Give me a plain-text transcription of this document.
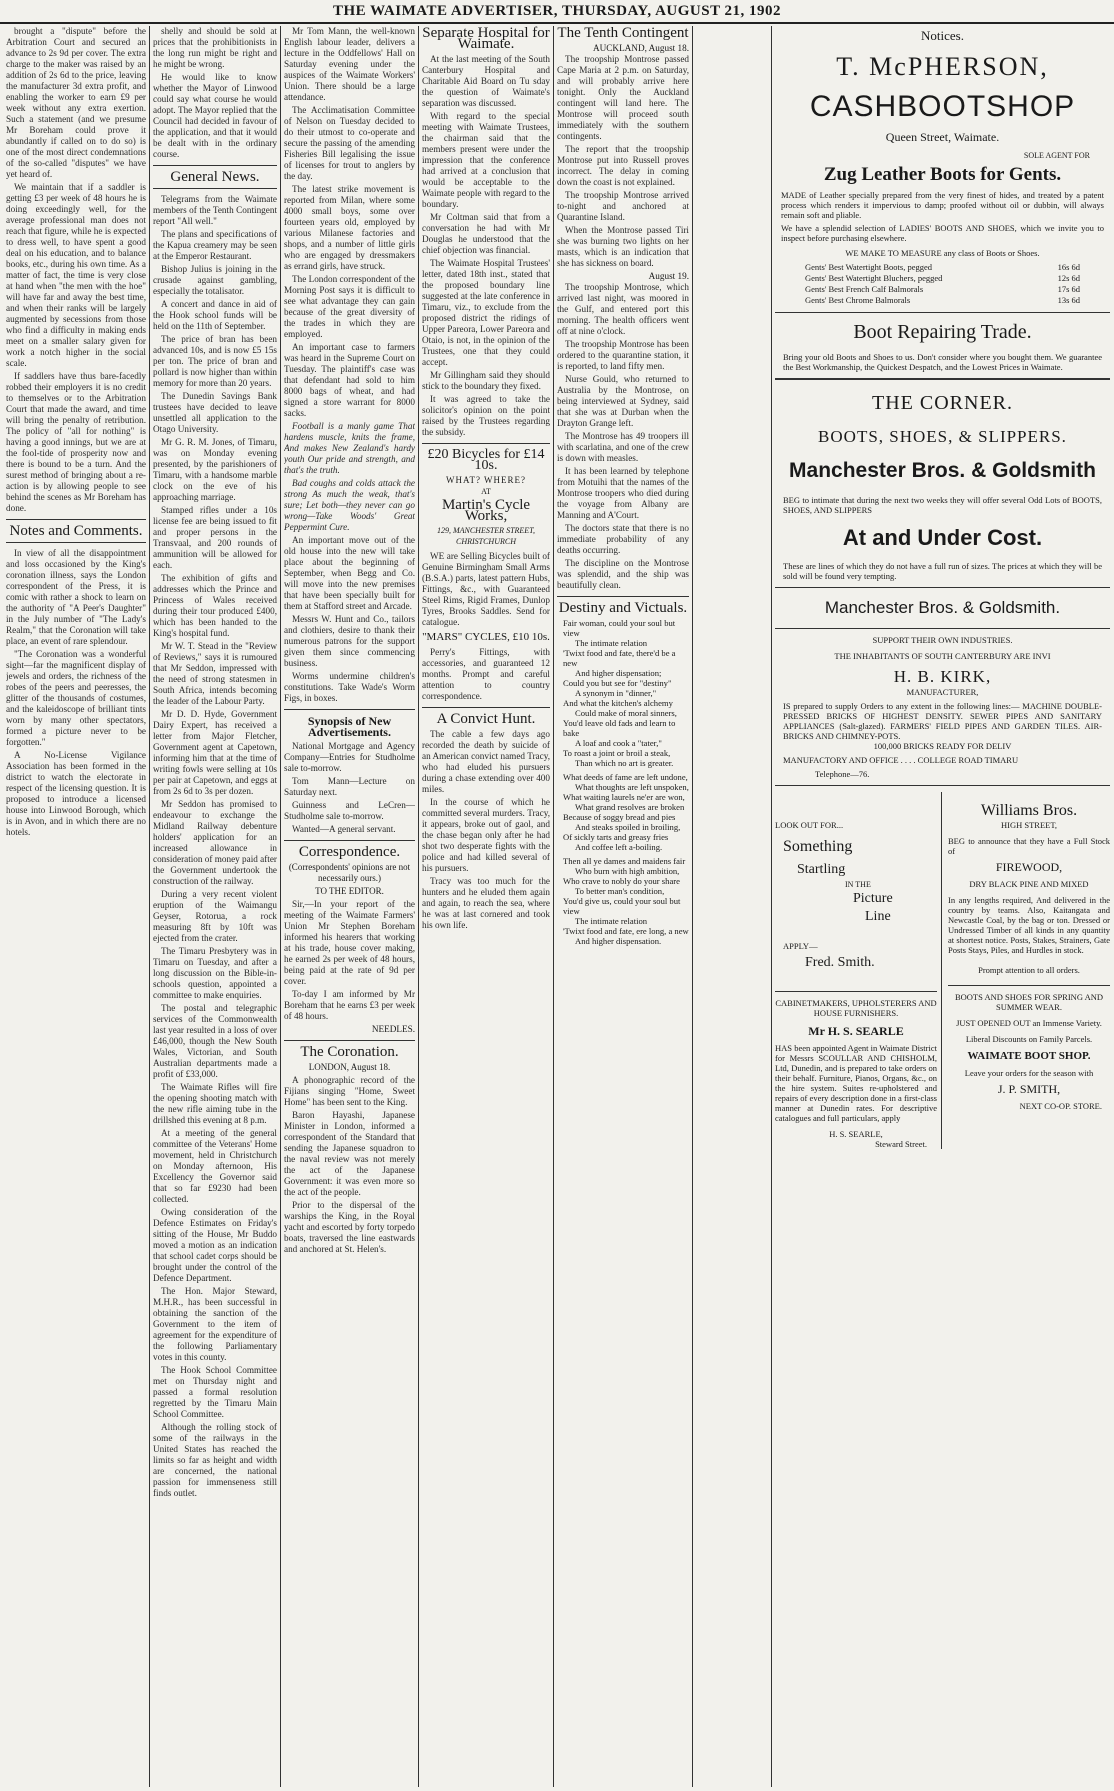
THE WAIMATE ADVERTISER, THURSDAY, AUGUST 21, 1902

brought a "dispute" before the Arbitration Court and secured an advance to 2s 9d per cover. The extra charge to the maker was raised by an addition of 2s 6d to the price, leaving the manufacturer 3d extra profit, and enabling the worker to earn £9 per week without any extra exertion. Such a statement (and we presume Mr Boreham could prove it abundantly if called on to do so) is one of the most direct condemnations of the so-called "disputes" we have yet heard of.

We maintain that if a saddler is getting £3 per week of 48 hours he is doing exceedingly well, for the average professional man does not reach that figure, while he is expected to dress well, to have spent a good deal on his education, and to balance books, etc., during his own time. As a matter of fact, the time is very close at hand when "the men with the hoe" will have far and away the best time, and when their ranks will be largely augmented by secessions from those who find a difficulty in making ends meet on a smaller salary given for work a notch higher in the social scale.

If saddlers have thus bare-facedly robbed their employers it is no credit to themselves or to the Arbitration Court that made the award, and time will bring the penalty of retribution. The policy of "all for nothing" is having a good innings, but we are at the fool-tide of prosperity now and there is bound to be a turn. And the surest method of bringing about a re-action is by allowing people to see behind the scenes as Mr Boreham has done.

Notes and Comments.

In view of all the disappointment and loss occasioned by the King's coronation illness, says the London correspondent of the Press, it is comic with rather a shock to learn on the authority of "A Peer's Daughter" in the July number of "The Lady's Realm," that the Coronation will take place, an event of rare splendour.

"The Coronation was a wonderful sight—far the magnificent display of jewels and orders, the richness of the robes of the peers and peeresses, the glitter of the thousands of costumes, and the kaleidoscope of brilliant tints worn by many other spectators, formed a picture never to be forgotten."

A No-License Vigilance Association has been formed in the district to watch the electorate in respect of the licensing question. It is proposed to introduce a licensed house into Linwood Borough, which is in Avon, and in which there are no hotels.

shelly and should be sold at prices that the prohibitionists in the long run might be right and he might be wrong.

He would like to know whether the Mayor of Linwood could say what course he would adopt. The Mayor replied that the Council had decided in favour of the application, and that it would be dealt with in the ordinary course.

General News.

Telegrams from the Waimate members of the Tenth Contingent report "All well."

The plans and specifications of the Kapua creamery may be seen at the Emperor Restaurant.

Bishop Julius is joining in the crusade against gambling, especially the totalisator.

A concert and dance in aid of the Hook school funds will be held on the 11th of September.

The price of bran has been advanced 10s, and is now £5 15s per ton. The price of bran and pollard is now higher than within memory for more than 20 years.

The Dunedin Savings Bank trustees have decided to leave unsettled all application to the Otago University.

Mr G. R. M. Jones, of Timaru, was on Monday evening presented, by the parishioners of Timaru, with a handsome marble clock on the eve of his approaching marriage.

Stamped rifles under a 10s license fee are being issued to fit and proper persons in the Transvaal, and 200 rounds of ammunition will be allowed for each.

The exhibition of gifts and addresses which the Prince and Princess of Wales received during their tour produced £400, which has been handed to the King's hospital fund.

Mr W. T. Stead in the "Review of Reviews," says it is rumoured that Mr Seddon, impressed with the need of strong statesmen in South Africa, intends becoming the leader of the Labour Party.

Mr D. D. Hyde, Government Dairy Expert, has received a letter from Major Fletcher, Government agent at Capetown, informing him that at the time of writing fowls were selling at 10s per pair at Capetown, and eggs at from 2s 6d to 3s per dozen.

Mr Seddon has promised to endeavour to exchange the Midland Railway debenture holders' application for an increased allowance in consideration of money paid after the Government undertook the construction of the railway.

During a very recent violent eruption of the Waimangu Geyser, Rotorua, a rock measuring 8ft by 10ft was ejected from the crater.

The Timaru Presbytery was in Timaru on Tuesday, and after a long discussion on the Bible-in-schools question, appointed a committee to make enquiries.

The postal and telegraphic services of the Commonwealth last year resulted in a loss of over £46,000, though the New South Wales, Victorian, and South Australian departments made a profit of £33,000.

The Waimate Rifles will fire the opening shooting match with the new rifle aiming tube in the drillshed this evening at 8 p.m.

At a meeting of the general committee of the Veterans' Home movement, held in Christchurch on Monday afternoon, His Excellency the Governor said that so far £9230 had been collected.

Owing consideration of the Defence Estimates on Friday's sitting of the House, Mr Buddo moved a motion as an indication that school cadet corps should be brought under the control of the Defence Department.

The Hon. Major Steward, M.H.R., has been successful in obtaining the sanction of the Government to the item of agreement for the expenditure of the following Parliamentary votes in this county.

The Hook School Committee met on Thursday night and passed a formal resolution regretted by the Timaru Main School Committee.

Although the rolling stock of some of the railways in the United States has reached the limits so far as height and width are concerned, the national passion for immenseness still finds outlet.

Mr Tom Mann, the well-known English labour leader, delivers a lecture in the Oddfellows' Hall on Saturday evening under the auspices of the Waimate Workers' Union. There should be a large attendance.

The Acclimatisation Committee of Nelson on Tuesday decided to do their utmost to co-operate and secure the passing of the amending Fisheries Bill legalising the issue of licenses for trout to anglers by the day.

The latest strike movement is reported from Milan, where some 4000 small boys, some over fourteen years old, employed by various Milanese factories and shops, and a number of little girls who are engaged by dressmakers as errand girls, have struck.

The London correspondent of the Morning Post says it is difficult to see what advantage they can gain because of the great diversity of the trades in which they are employed.

An important case to farmers was heard in the Supreme Court on Tuesday. The plaintiff's case was that defendant had sold to him 8000 bags of wheat, and had signed a store warrant for 8000 sacks.

Football is a manly game That hardens muscle, knits the frame, And makes New Zealand's hardy youth Our pride and strength, and that's the truth.

Bad coughs and colds attack the strong As much the weak, that's sure; Let both—they never can go wrong—Take Woods' Great Peppermint Cure.

An important move out of the old house into the new will take place about the beginning of September, when Begg and Co. will move into the new premises that have been specially built for them at Stafford street and Arcade.

Messrs W. Hunt and Co., tailors and clothiers, desire to thank their numerous patrons for the support given them since commencing business.

Worms undermine children's constitutions. Take Wade's Worm Figs, in boxes.

Synopsis of New Advertisements.

National Mortgage and Agency Company—Entries for Studholme sale to-morrow.

Tom Mann—Lecture on Saturday next.

Guinness and LeCren—Studholme sale to-morrow.

Wanted—A general servant.

Correspondence.
(Correspondents' opinions are not necessarily ours.)
TO THE EDITOR.

Sir,—In your report of the meeting of the Waimate Farmers' Union Mr Stephen Boreham informed his hearers that working at his trade, house cover making, he earned 2s per week of 48 hours, being paid at the rate of 9d per cover.

To-day I am informed by Mr Boreham that he earns £3 per week of 48 hours.

NEEDLES.
The Coronation.
LONDON, August 18.

A phonographic record of the Fijians singing "Home, Sweet Home" has been sent to the King.

Baron Hayashi, Japanese Minister in London, informed a correspondent of the Standard that sending the Japanese squadron to the naval review was not merely the act of the Japanese Government: it was even more so the act of the people.

Prior to the dispersal of the warships the King, in the Royal yacht and escorted by forty torpedo boats, traversed the line eastwards and anchored at St. Helen's.

Separate Hospital for Waimate.

At the last meeting of the South Canterbury Hospital and Charitable Aid Board on Tu sday the question of Waimate's separation was discussed.

With regard to the special meeting with Waimate Trustees, the chairman said that the members present were under the impression that the conference had arrived at a conclusion that would be acceptable to the Waimate people with regard to the boundary.

Mr Coltman said that from a conversation he had with Mr Douglas he understood that the chief objection was financial.

The Waimate Hospital Trustees' letter, dated 18th inst., stated that the proposed boundary line suggested at the late conference in Timaru, viz., to exclude from the proposed district the ridings of Upper Pareora, Lower Pareora and Otaio, is not, in the opinion of the Trustees, one that they could accept.

Mr Gillingham said they should stick to the boundary they fixed.

It was agreed to take the solicitor's opinion on the point raised by the Trustees regarding the subsidy.

£20 Bicycles for £14 10s.
WHAT? WHERE?
AT
Martin's Cycle Works,
129, MANCHESTER STREET, CHRISTCHURCH

WE are Selling Bicycles built of Genuine Birmingham Small Arms (B.S.A.) parts, latest pattern Hubs, Fittings, &c., with Guaranteed Steel Rims, Rigid Frames, Dunlop Tyres, Brooks Saddles. Send for catalogue.

"MARS" CYCLES, £10 10s.

Perry's Fittings, with accessories, and guaranteed 12 months. Prompt and careful attention to country correspondence.

A Convict Hunt.

The cable a few days ago recorded the death by suicide of an American convict named Tracy, who had eluded his pursuers during a chase extending over 400 miles.

In the course of which he committed several murders. Tracy, it appears, broke out of gaol, and the chase began only after he had shot two desperate fights with the police and had killed several of his pursuers.

Tracy was too much for the hunters and he eluded them again and again, to reach the sea, where he was at last cornered and took his own life.

The Tenth Contingent
AUCKLAND, August 18.

The troopship Montrose passed Cape Maria at 2 p.m. on Saturday, and will probably arrive here tonight. Only the Auckland contingent will land here. The Montrose will proceed south immediately with the southern contingents.

The report that the troopship Montrose put into Russell proves incorrect. The delay in coming down the coast is not explained.

The troopship Montrose arrived to-night and anchored at Quarantine Island.

When the Montrose passed Tiri she was burning two lights on her masts, which is an indication that she has sickness on board.

August 19.

The troopship Montrose, which arrived last night, was moored in the Gulf, and entered port this morning. The health officers went off at nine o'clock.

The troopship Montrose has been ordered to the quarantine station, it is reported, to land fifty men.

Nurse Gould, who returned to Australia by the Montrose, on being interviewed at Sydney, said that she was at Durban when the Drayton Grange left.

The Montrose has 49 troopers ill with scarlatina, and one of the crew is down with measles.

It has been learned by telephone from Motuihi that the names of the Montrose troopers who died during the voyage from Albany are Manning and A'Court.

The doctors state that there is no immediate probability of any deaths occurring.

The discipline on the Montrose was splendid, and the ship was beautifully clean.

Destiny and Victuals.
Fair woman, could your soul but view
The intimate relation
'Twixt food and fate, there'd be a new
And higher dispensation;
Could you but see for "destiny"
A synonym in "dinner,"
And what the kitchen's alchemy
Could make of moral sinners,
You'd leave old fads and learn to bake
A loaf and cook a "tater,"
To roast a joint or broil a steak,
Than which no art is greater.
What deeds of fame are left undone,
What thoughts are left unspoken,
What waiting laurels ne'er are won,
What grand resolves are broken
Because of soggy bread and pies
And steaks spoiled in broiling,
Of sickly tarts and greasy fries
And coffee left a-boiling.
Then all ye dames and maidens fair
Who burn with high ambition,
Who crave to nobly do your share
To better man's condition,
You'd give us, could your soul but view
The intimate relation
'Twixt food and fate, ere long, a new
And higher dispensation.
Notices.
T. McPHERSON,
CASHBOOTSHOP
Queen Street, Waimate.
SOLE AGENT FOR
Zug Leather Boots for Gents.
MADE of Leather specially prepared from the very finest of hides, and treated by a patent process which renders it impervious to damp; proofed without oil or dubbin, will always remain soft and pliable.
We have a splendid selection of LADIES' BOOTS AND SHOES, which we invite you to inspect before purchasing elsewhere.
WE MAKE TO MEASURE any class of Boots or Shoes.
Gents' Best Watertight Boots, pegged	16s 6d
Gents' Best Watertight Bluchers, pegged	12s 6d
Gents' Best French Calf Balmorals	17s 6d
Gents' Best Chrome Balmorals	13s 6d
Boot Repairing Trade.
Bring your old Boots and Shoes to us. Don't consider where you bought them. We guarantee the Best Workmanship, the Quickest Despatch, and the Lowest Prices in Waimate.
THE CORNER.
BOOTS, SHOES, & SLIPPERS.
Manchester Bros. & Goldsmith
BEG to intimate that during the next two weeks they will offer several Odd Lots of BOOTS, SHOES, AND SLIPPERS
At and Under Cost.
These are lines of which they do not have a full run of sizes. The prices at which they will be sold will be found very tempting.
Manchester Bros. & Goldsmith.
SUPPORT THEIR OWN INDUSTRIES.
THE INHABITANTS OF SOUTH CANTERBURY ARE INVI
H. B. KIRK,
MANUFACTURER,
IS prepared to supply Orders to any extent in the following lines:— MACHINE DOUBLE-PRESSED BRICKS OF HIGHEST DENSITY. SEWER PIPES AND SANITARY APPLIANCES (Salt-glazed). FARMERS' FIELD PIPES AND GARDEN TILES. AIR-BRICKS AND CHIMNEY-POTS.
100,000 BRICKS READY FOR DELIV
MANUFACTORY AND OFFICE . . . . COLLEGE ROAD TIMARU
Telephone—76.
LOOK OUT FOR...
Something
Startling
IN THE
Picture
Line
APPLY—
Fred. Smith.
CABINETMAKERS, UPHOLSTERERS AND HOUSE FURNISHERS.
Mr H. S. SEARLE
HAS been appointed Agent in Waimate District for Messrs SCOULLAR AND CHISHOLM, Ltd, Dunedin, and is prepared to take orders on their behalf. Furniture, Pianos, Organs, &c., on the hire system. Suites re-upholstered and repairs of every description done in a first-class manner at Dunedin rates. For descriptive catalogues and full particulars, apply
H. S. SEARLE,
Steward Street.
Williams Bros.
HIGH STREET,
BEG to announce that they have a Full Stock of
FIREWOOD,
DRY BLACK PINE AND MIXED
In any lengths required, And delivered in the country by teams. Also, Kaitangata and Newcastle Coal, by the bag or ton. Dressed or Undressed Timber of all kinds in any quantity at shortest notice. Posts, Stakes, Strainers, Gate Posts Stays, Piles, and Hurdles in stock.
Prompt attention to all orders.
BOOTS AND SHOES FOR SPRING AND SUMMER WEAR.
JUST OPENED OUT an Immense Variety.
Liberal Discounts on Family Parcels.
WAIMATE BOOT SHOP.
Leave your orders for the season with
J. P. SMITH,
NEXT CO-OP. STORE.
